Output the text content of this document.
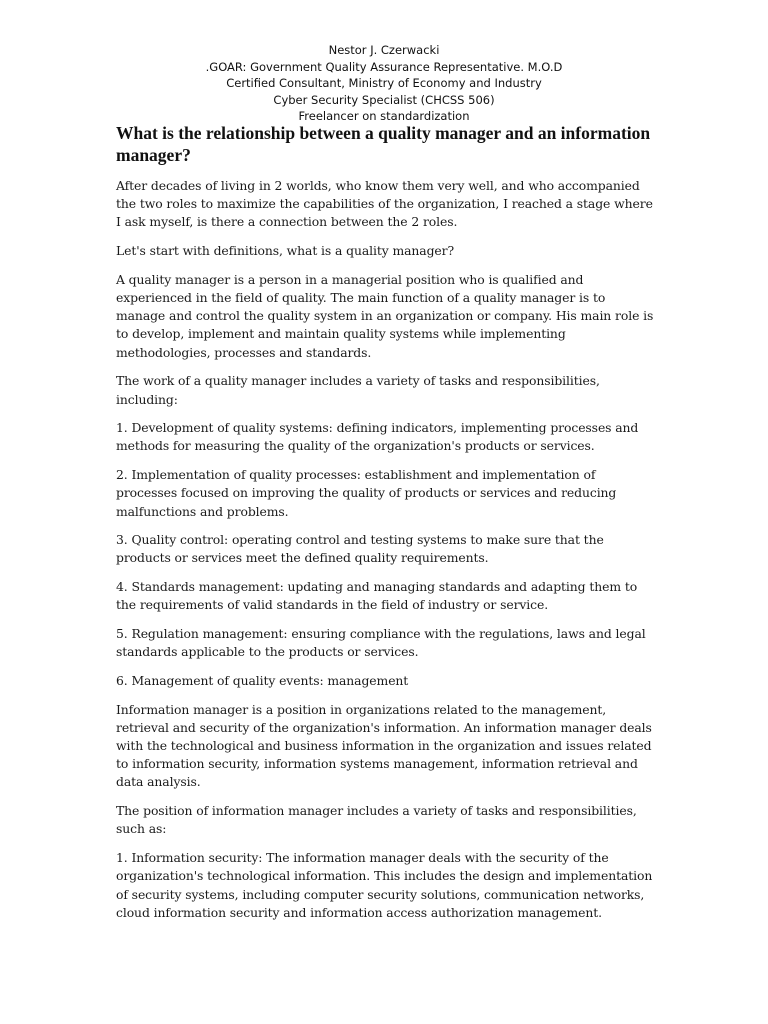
Nestor J. Czerwacki
.GOAR: Government Quality Assurance Representative. M.O.D
Certified Consultant, Ministry of Economy and Industry
Cyber Security Specialist (CHCSS 506)
Freelancer on standardization
What is the relationship between a quality manager and an information manager?

After decades of living in 2 worlds, who know them very well, and who accompanied the two roles to maximize the capabilities of the organization, I reached a stage where I ask myself, is there a connection between the 2 roles.

Let's start with definitions, what is a quality manager?

A quality manager is a person in a managerial position who is qualified and experienced in the field of quality. The main function of a quality manager is to manage and control the quality system in an organization or company. His main role is to develop, implement and maintain quality systems while implementing methodologies, processes and standards.

The work of a quality manager includes a variety of tasks and responsibilities, including:

1. Development of quality systems: defining indicators, implementing processes and methods for measuring the quality of the organization's products or services.

2. Implementation of quality processes: establishment and implementation of processes focused on improving the quality of products or services and reducing malfunctions and problems.

3. Quality control: operating control and testing systems to make sure that the products or services meet the defined quality requirements.

4. Standards management: updating and managing standards and adapting them to the requirements of valid standards in the field of industry or service.

5. Regulation management: ensuring compliance with the regulations, laws and legal standards applicable to the products or services.

6. Management of quality events: management

Information manager is a position in organizations related to the management, retrieval and security of the organization's information. An information manager deals with the technological and business information in the organization and issues related to information security, information systems management, information retrieval and data analysis.

The position of information manager includes a variety of tasks and responsibilities, such as:

1. Information security: The information manager deals with the security of the organization's technological information. This includes the design and implementation of security systems, including computer security solutions, communication networks, cloud information security and information access authorization management.
